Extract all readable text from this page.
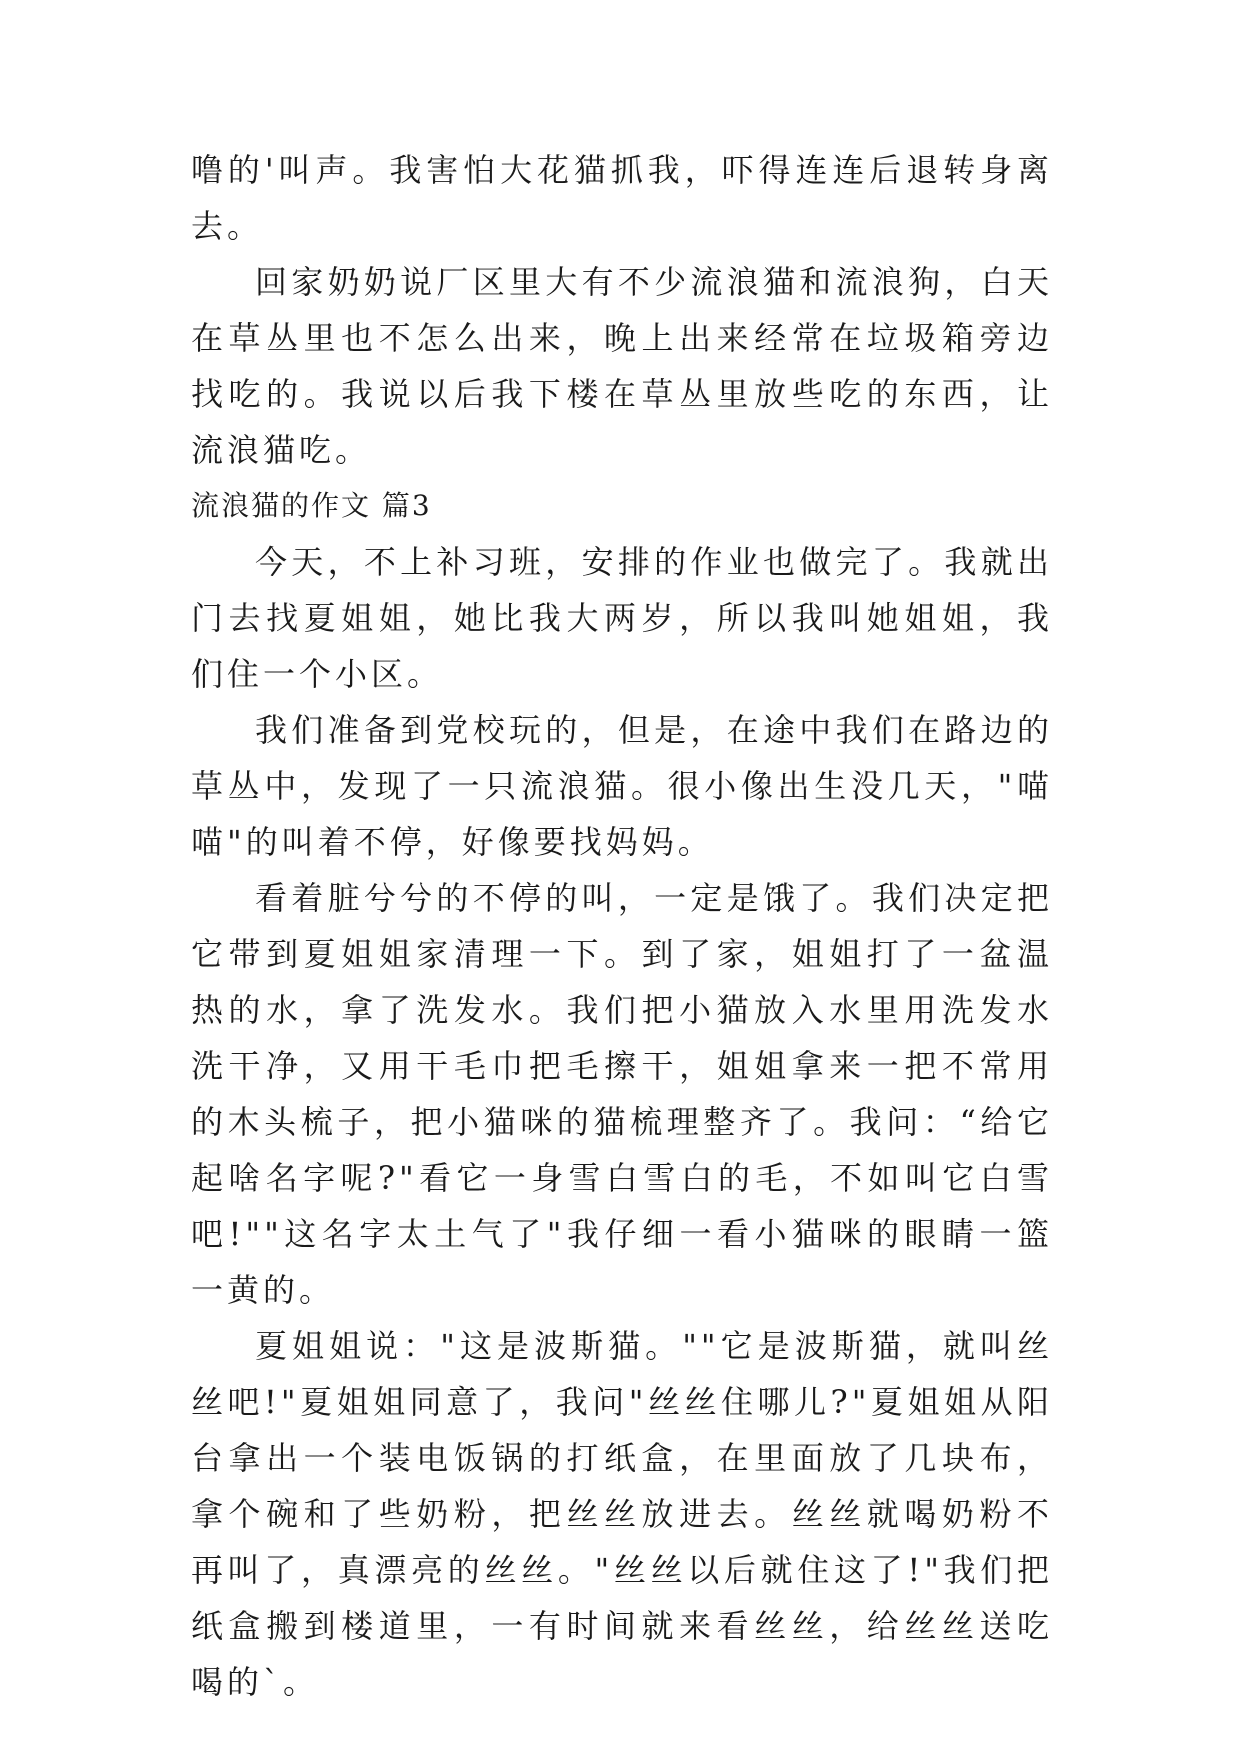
噜的'叫声。我害怕大花猫抓我，吓得连连后退转身离去。

回家奶奶说厂区里大有不少流浪猫和流浪狗，白天在草丛里也不怎么出来，晚上出来经常在垃圾箱旁边找吃的。我说以后我下楼在草丛里放些吃的东西，让流浪猫吃。

流浪猫的作文 篇3

今天，不上补习班，安排的作业也做完了。我就出门去找夏姐姐，她比我大两岁，所以我叫她姐姐，我们住一个小区。

我们准备到党校玩的，但是，在途中我们在路边的草丛中，发现了一只流浪猫。很小像出生没几天，"喵喵"的叫着不停，好像要找妈妈。

看着脏兮兮的不停的叫，一定是饿了。我们决定把它带到夏姐姐家清理一下。到了家，姐姐打了一盆温热的水，拿了洗发水。我们把小猫放入水里用洗发水洗干净，又用干毛巾把毛擦干，姐姐拿来一把不常用的木头梳子，把小猫咪的猫梳理整齐了。我问：“给它起啥名字呢?"看它一身雪白雪白的毛，不如叫它白雪吧!""这名字太土气了"我仔细一看小猫咪的眼睛一篮一黄的。

夏姐姐说："这是波斯猫。""它是波斯猫，就叫丝丝吧!"夏姐姐同意了，我问"丝丝住哪儿?"夏姐姐从阳台拿出一个装电饭锅的打纸盒，在里面放了几块布，拿个碗和了些奶粉，把丝丝放进去。丝丝就喝奶粉不再叫了，真漂亮的丝丝。"丝丝以后就住这了!"我们把纸盒搬到楼道里，一有时间就来看丝丝，给丝丝送吃喝的`。
